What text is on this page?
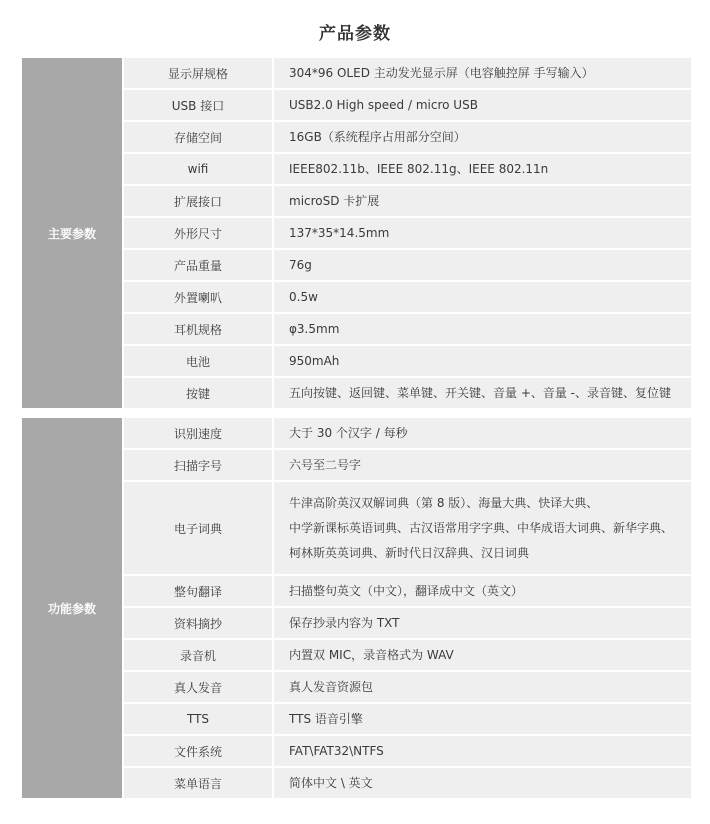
产品参数
主要参数		显示屏规格		304*96 OLED 主动发光显示屏（电容触控屏 手写输入）
		USB 接口		USB2.0 High speed / micro USB
		存储空间		16GB（系统程序占用部分空间）
		wifi		IEEE802.11b、IEEE 802.11g、IEEE 802.11n
		扩展接口		microSD 卡扩展
		外形尺寸		137*35*14.5mm
		产品重量		76g
		外置喇叭		0.5w
		耳机规格		φ3.5mm
		电池		950mAh
		按键		五向按键、返回键、菜单键、开关键、音量 +、音量 -、录音键、复位键

功能参数		识别速度		大于 30 个汉字 / 每秒
		扫描字号		六号至二号字
		电子词典		牛津高阶英汉双解词典（第 8 版）、海量大典、快译大典、
中学新课标英语词典、古汉语常用字字典、中华成语大词典、新华字典、
柯林斯英英词典、新时代日汉辞典、汉日词典

		整句翻译		扫描整句英文（中文），翻译成中文（英文）
		资料摘抄		保存抄录内容为 TXT
		录音机		内置双 MIC，录音格式为 WAV
		真人发音		真人发音资源包
		TTS		TTS 语音引擎
		文件系统		FAT\FAT32\NTFS
		菜单语言		简体中文 \ 英文
